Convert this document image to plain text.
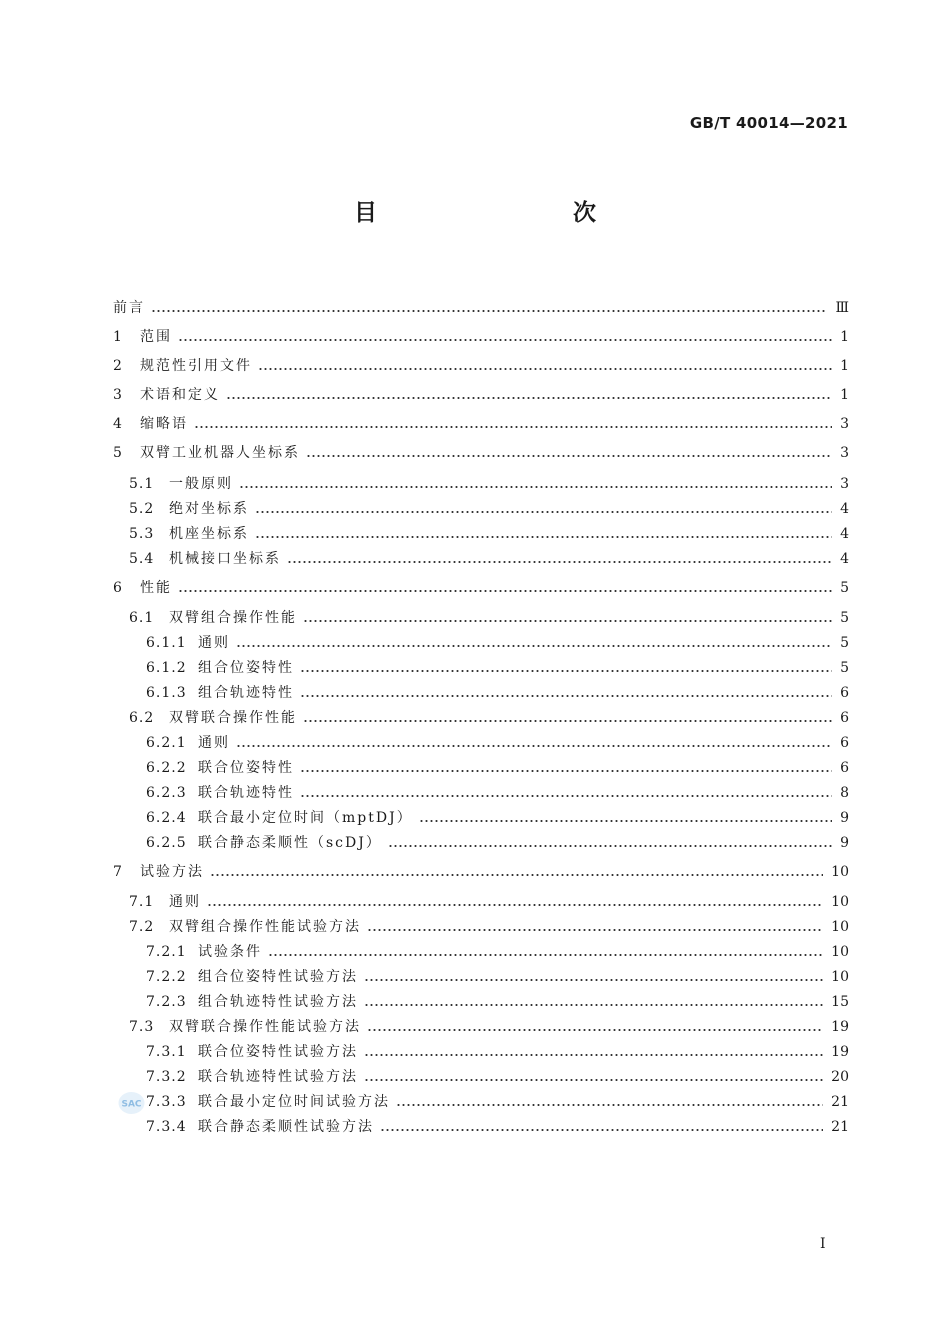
GB/T 40014—2021
目　　次
前言	Ⅲ
1	范围	1
2	规范性引用文件	1
3	术语和定义	1
4	缩略语	3
5	双臂工业机器人坐标系	3
5.1	一般原则	3
5.2	绝对坐标系	4
5.3	机座坐标系	4
5.4	机械接口坐标系	4
6	性能	5
6.1	双臂组合操作性能	5
6.1.1 通则	5
6.1.2 组合位姿特性	5
6.1.3 组合轨迹特性	6
6.2	双臂联合操作性能	6
6.2.1 通则	6
6.2.2 联合位姿特性	6
6.2.3 联合轨迹特性	8
6.2.4 联合最小定位时间（mptDJ）	9
6.2.5 联合静态柔顺性（scDJ）	9
7	试验方法	10
7.1	通则	10
7.2	双臂组合操作性能试验方法	10
7.2.1 试验条件	10
7.2.2 组合位姿特性试验方法	10
7.2.3 组合轨迹特性试验方法	15
7.3	双臂联合操作性能试验方法	19
7.3.1 联合位姿特性试验方法	19
7.3.2 联合轨迹特性试验方法	20
7.3.3 联合最小定位时间试验方法	21
7.3.4 联合静态柔顺性试验方法	21
SAC
I
